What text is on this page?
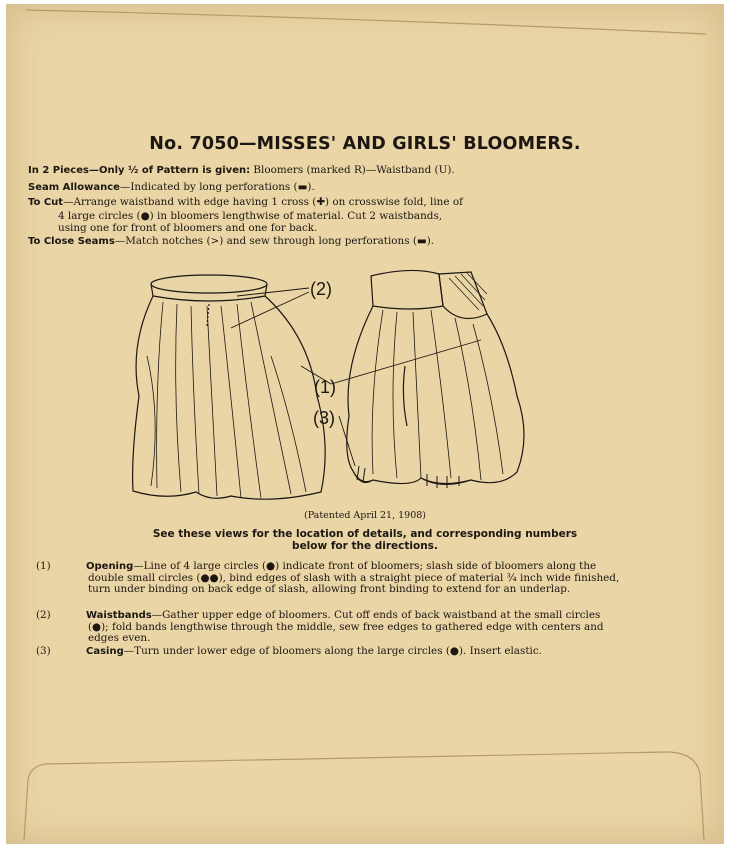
No. 7050—MISSES' AND GIRLS' BLOOMERS.
In 2 Pieces—Only ½ of Pattern is given: Bloomers (marked R)—Waistband (U).
Seam Allowance—Indicated by long perforations (▬).
To Cut—Arrange waistband with edge having 1 cross (✚) on crosswise fold, line of
4 large circles (●) in bloomers lengthwise of material. Cut 2 waistbands,
using one for front of bloomers and one for back.
To Close Seams—Match notches (>) and sew through long perforations (▬).
(2)
(1)
(3)
(Patented April 21, 1908)
See these views for the location of details, and corresponding numbers
below for the directions.
(1)	Opening—Line of 4 large circles (●) indicate front of bloomers; slash side of bloomers along the double small circles (●●), bind edges of slash with a straight piece of material ¾ inch wide finished, turn under binding on back edge of slash, allowing front binding to extend for an underlap.
(2)	Waistbands—Gather upper edge of bloomers. Cut off ends of back waistband at the small circles (●); fold bands lengthwise through the middle, sew free edges to gathered edge with centers and edges even.
(3)	Casing—Turn under lower edge of bloomers along the large circles (●). Insert elastic.
